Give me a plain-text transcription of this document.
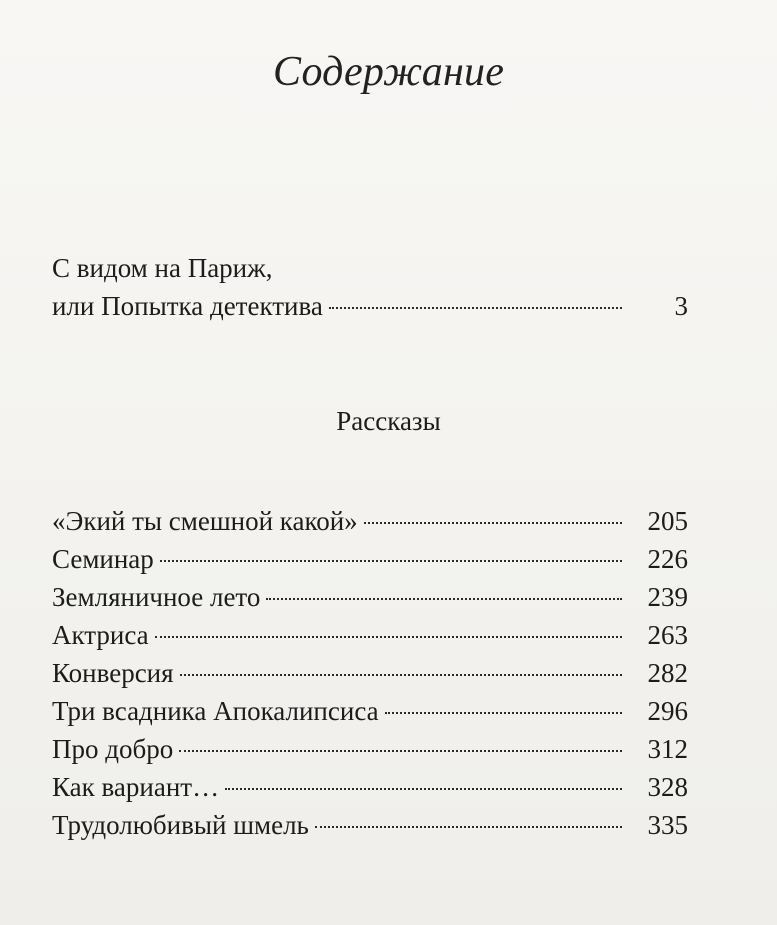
Содержание
С видом на Париж,
или Попытка детектива	3
Рассказы
«Экий ты смешной какой»	205
Семинар	226
Земляничное лето	239
Актриса	263
Конверсия	282
Три всадника Апокалипсиса	296
Про добро	312
Как вариант…	328
Трудолюбивый шмель	335
